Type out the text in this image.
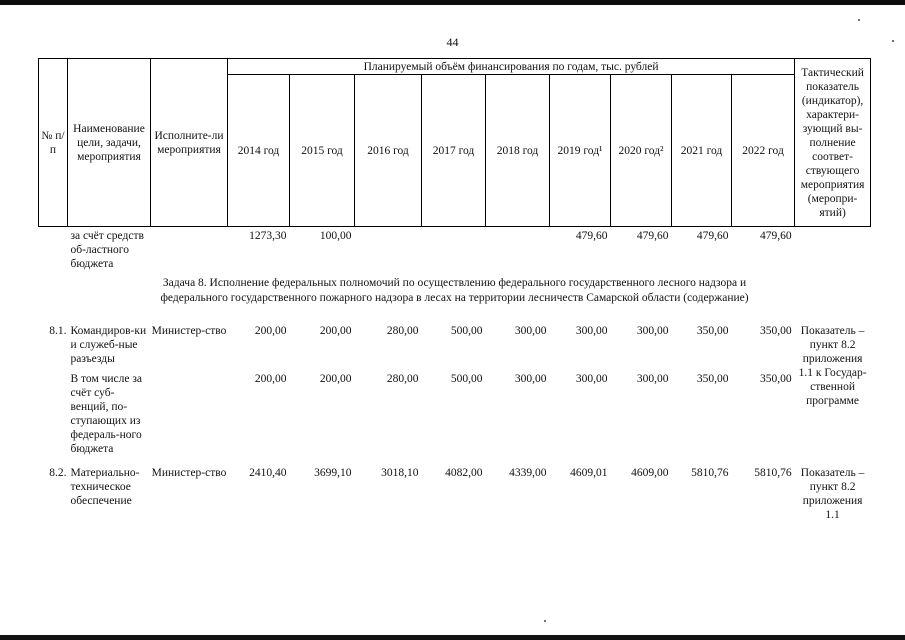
44
№ п/п	Наименование цели, задачи, мероприятия	Исполните-ли мероприятия	Планируемый объём финансирования по годам, тыс. рублей									Тактический показатель (индикатор), характери-зующий вы-полнение соответ-ствующего мероприятия (меропри-ятий)
			2014 год	2015 год	2016 год	2017 год	2018 год	2019 год¹	2020 год²	2021 год	2022 год	
	за счёт средств об-ластного бюджета		1273,30	100,00				479,60	479,60	479,60	479,60	
Задача 8. Исполнение федеральных полномочий по осуществлению федерального государственного лесного надзора и
федерального государственного пожарного надзора в лесах на территории лесничеств Самарской области (содержание)												
8.1.	Командиров-ки и служеб-ные разъезды	Министер-ство	200,00	200,00	280,00	500,00	300,00	300,00	300,00	350,00	350,00	Показатель – пункт 8.2 приложения 1.1 к Государ-ственной программе
	В том числе за счёт суб-венций, по-ступающих из федераль-ного бюджета		200,00	200,00	280,00	500,00	300,00	300,00	300,00	350,00	350,00	
8.2.	Материально-техническое обеспечение	Министер-ство	2410,40	3699,10	3018,10	4082,00	4339,00	4609,01	4609,00	5810,76	5810,76	Показатель – пункт 8.2 приложения 1.1
